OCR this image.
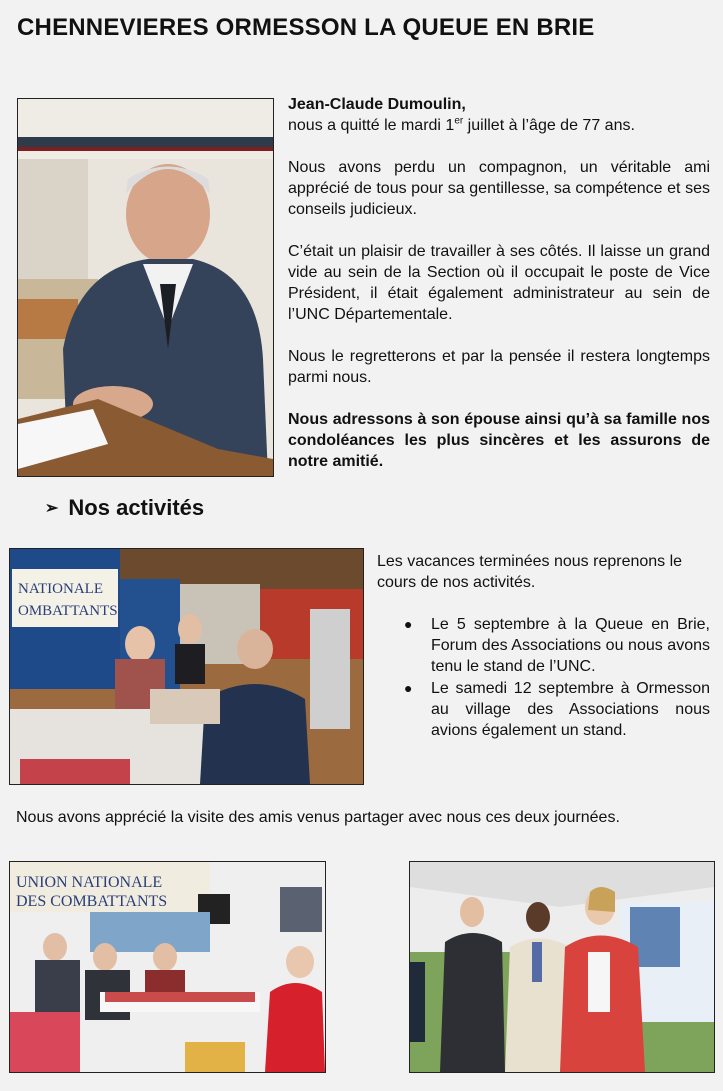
CHENNEVIERES ORMESSON LA QUEUE EN BRIE

Jean-Claude Dumoulin,
nous a quitté le mardi 1er juillet à l’âge de 77 ans.

Nous avons perdu un compagnon, un véritable ami apprécié de tous pour sa gentillesse, sa compétence et ses conseils judicieux.

C’était un plaisir de travailler à ses côtés. Il laisse un grand vide au sein de la Section où il occupait le poste de Vice Président, il était également administrateur au sein de l’UNC Départementale.

Nous le regretterons et par la pensée il restera longtemps parmi nous.

Nous adressons à son épouse ainsi qu’à sa famille nos condoléances les plus sincères et les assurons de notre amitié.

➢ Nos activités
NATIONALE
OMBATTANTS

Les vacances terminées nous reprenons le cours de nos activités.

● Le 5 septembre à la Queue en Brie, Forum des Associations ou nous avons tenu le stand de l’UNC.
● Le samedi 12 septembre à Ormesson au village des Associations nous avions également un stand.
Nous avons apprécié la visite des amis venus partager avec nous ces deux journées.
UNION NATIONALE
DES COMBATTANTS
